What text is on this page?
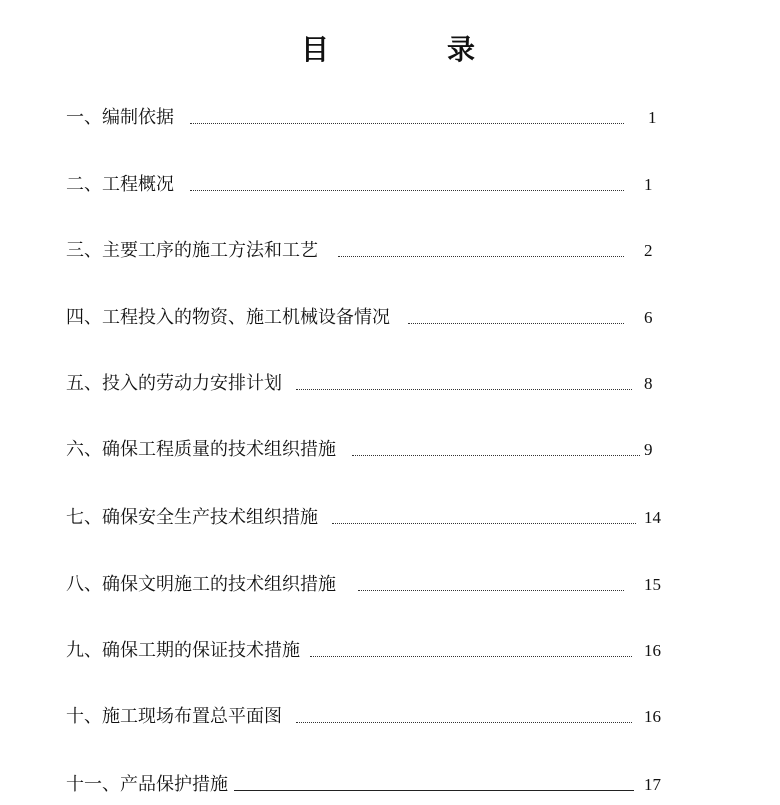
目	录
一、编制依据	1
二、工程概况	1
三、主要工序的施工方法和工艺	2
四、工程投入的物资、施工机械设备情况	6
五、投入的劳动力安排计划	8
六、确保工程质量的技术组织措施	9
七、确保安全生产技术组织措施	14
八、确保文明施工的技术组织措施	15
九、确保工期的保证技术措施	16
十、施工现场布置总平面图	16
十一、产品保护措施	17
